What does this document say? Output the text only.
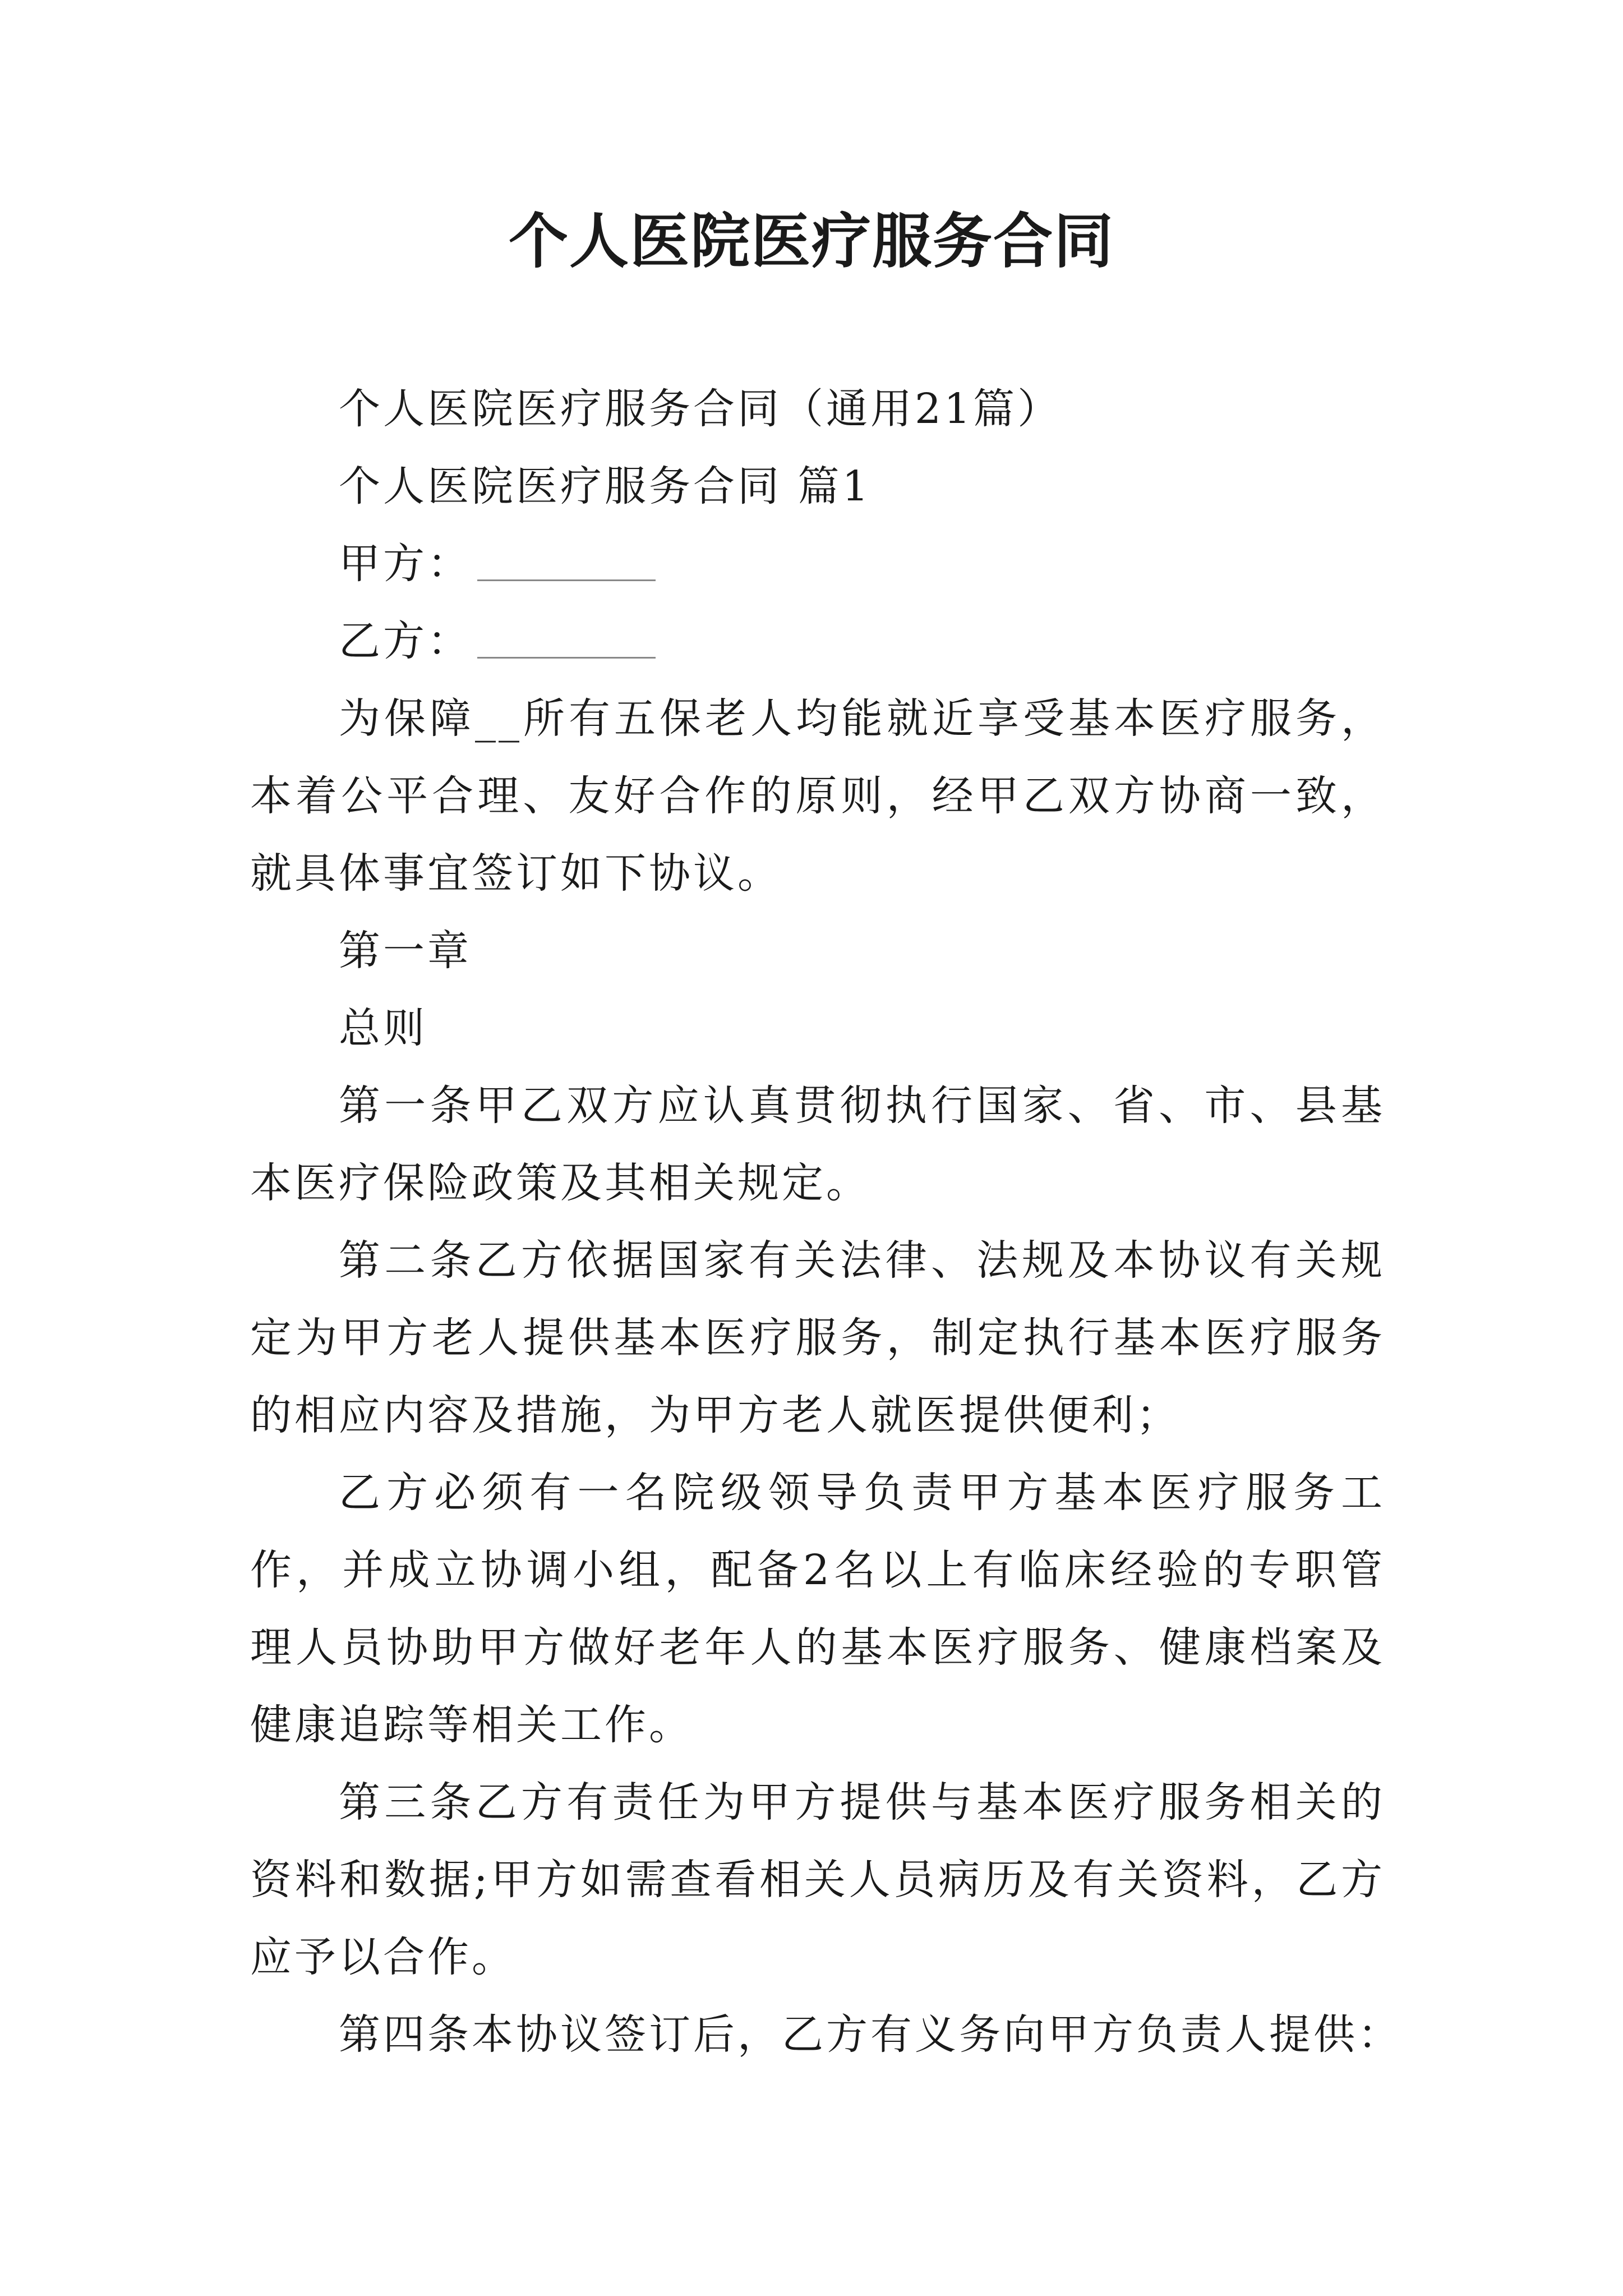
个人医院医疗服务合同

个人医院医疗服务合同（通用21篇）

个人医院医疗服务合同 篇1

甲方：

乙方：

为保障__所有五保老人均能就近享受基本医疗服务，本着公平合理、友好合作的原则，经甲乙双方协商一致，就具体事宜签订如下协议。

第一章

总则

第一条甲乙双方应认真贯彻执行国家、省、市、县基本医疗保险政策及其相关规定。

第二条乙方依据国家有关法律、法规及本协议有关规定为甲方老人提供基本医疗服务，制定执行基本医疗服务的相应内容及措施，为甲方老人就医提供便利；

乙方必须有一名院级领导负责甲方基本医疗服务工作，并成立协调小组，配备2名以上有临床经验的专职管理人员协助甲方做好老年人的基本医疗服务、健康档案及健康追踪等相关工作。

第三条乙方有责任为甲方提供与基本医疗服务相关的资料和数据;甲方如需查看相关人员病历及有关资料，乙方应予以合作。

第四条本协议签订后，乙方有义务向甲方负责人提供：
